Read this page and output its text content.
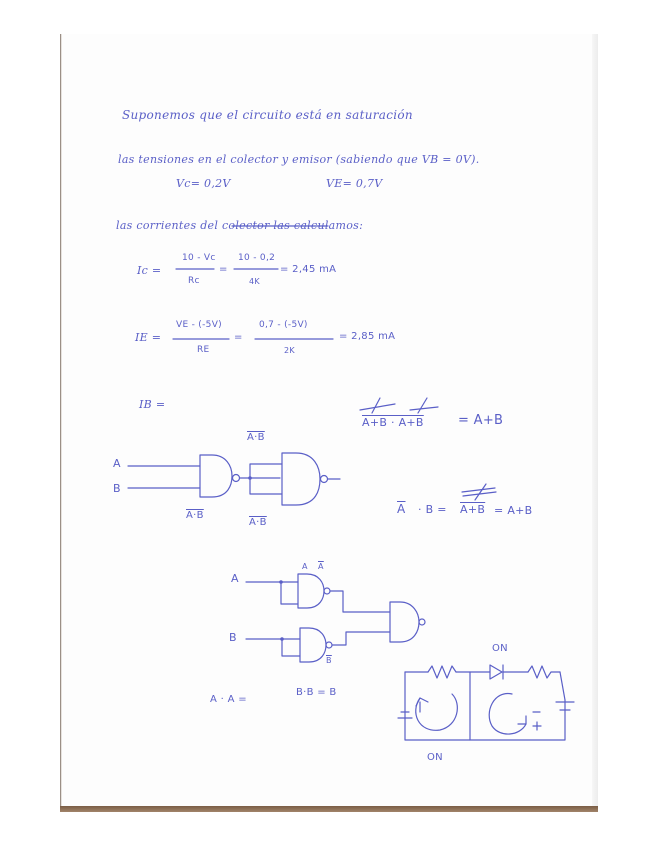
Suponemos que el circuito está en saturación
las tensiones en el colector y emisor (sabiendo que VB = 0V).
Vc= 0,2V	VE= 0,7V
las corrientes del colector las calculamos:
Ic =
10 - Vc
Rc
=
10 - 0,2
4K
= 2,45 mA
IE =
VE - (-5V)
RE
=
0,7 - (-5V)
2K
= 2,85 mA
IB =
A+B · A+B	= A+B
A·B
A
B
A·B
A·B
$\overline{A} \cdot B = A+B = A+B$
A
A $\overline{A}$
B
$\overline{B}$
A · A =
B·B = B
ON
ON
